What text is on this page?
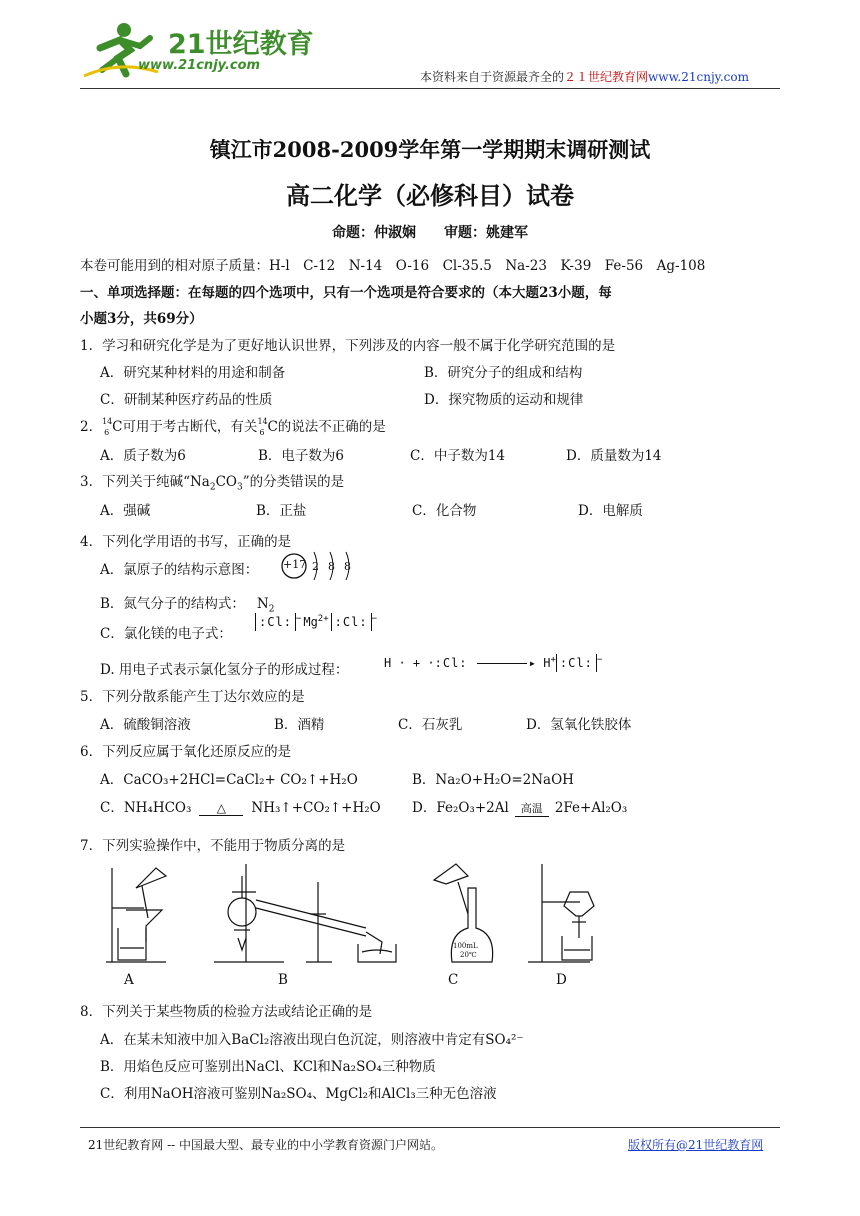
21世纪教育
www.21cnjy.com
本资料来自于资源最齐全的２１世纪教育网www.21cnjy.com
镇江市2008-2009学年第一学期期末调研测试
高二化学（必修科目）试卷
命题：仲淑娴　　审题：姚建军
本卷可能用到的相对原子质量：H-l　C-12　N-14　O-16　Cl-35.5　Na-23　K-39　Fe-56　Ag-108
一、单项选择题：在每题的四个选项中，只有一个选项是符合要求的（本大题23小题，每
小题3分，共69分）
1．学习和研究化学是为了更好地认识世界，下列涉及的内容一般不属于化学研究范围的是
A．研究某种材料的用途和制备	B．研究分子的组成和结构
C．研制某种医疗药品的性质	D．探究物质的运动和规律
2． 14
6 C可用于考古断代，有关 14
6 C的说法不正确的是
A．质子数为6	B．电子数为6	C．中子数为14	D．质量数为14
3．下列关于纯碱“$Na_2CO_3$”的分类错误的是
A．强碱	B．正盐	C．化合物	D．电解质
4．下列化学用语的书写，正确的是
A．氯原子的结构示意图： +17 2 8 8
B．氮气分子的结构式： $N_2$
C．氯化镁的电子式：
:Cl: − $Mg^{2+}$ :Cl: −
D. 用电子式表示氯化氢分子的形成过程：	H · + ·:Cl:	▸ H+ :Cl: −
5．下列分散系能产生丁达尔效应的是
A．硫酸铜溶液	B．酒精	C．石灰乳	D．氢氧化铁胶体
6．下列反应属于氧化还原反应的是
A．CaCO₃+2HCl=CaCl₂+ CO₂↑+H₂O	B．Na₂O+H₂O=2NaOH
C．NH₄HCO₃ △ NH₃↑+CO₂↑+H₂O D．Fe₂O₃+2Al 高温 2Fe+Al₂O₃
7．下列实验操作中，不能用于物质分离的是
100mL
20℃
A	B	C	D
8．下列关于某些物质的检验方法或结论正确的是
A．在某未知液中加入BaCl₂溶液出现白色沉淀，则溶液中肯定有SO₄²⁻
B．用焰色反应可鉴别出NaCl、KCl和Na₂SO₄三种物质
C．利用NaOH溶液可鉴别Na₂SO₄、MgCl₂和AlCl₃三种无色溶液
21世纪教育网 -- 中国最大型、最专业的中小学教育资源门户网站。	版权所有@21世纪教育网
